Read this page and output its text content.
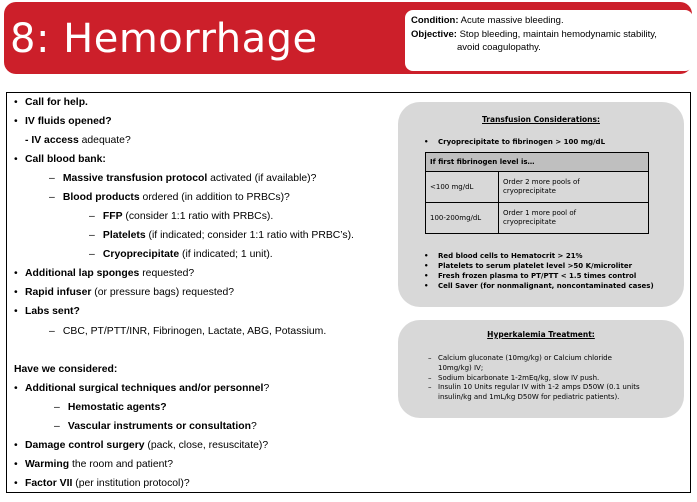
8: Hemorrhage	Condition: Acute massive bleeding.
Objective: Stop bleeding, maintain hemodynamic stability,
avoid coagulopathy.
• Call for help.
• IV fluids opened?
- IV access adequate?
• Call blood bank:
– Massive transfusion protocol activated (if available)?
– Blood products ordered (in addition to PRBCs)?
– FFP (consider 1:1 ratio with PRBCs).
– Platelets (if indicated; consider 1:1 ratio with PRBC’s).
– Cryoprecipitate (if indicated; 1 unit).
• Additional lap sponges requested?
• Rapid infuser (or pressure bags) requested?
• Labs sent?
– CBC, PT/PTT/INR, Fibrinogen, Lactate, ABG, Potassium.
Have we considered:
• Additional surgical techniques and/or personnel?
– Hemostatic agents?
– Vascular instruments or consultation?
• Damage control surgery (pack, close, resuscitate)?
• Warming the room and patient?
• Factor VII (per institution protocol)?
Transfusion Considerations:
• Cryoprecipitate to fibrinogen > 100 mg/dL
If first fibrinogen level is…	
<100 mg/dL	Order 2 more pools of
cryoprecipitate

100-200mg/dL	Order 1 more pool of
cryoprecipitate
• Red blood cells to Hematocrit > 21%
• Platelets to serum platelet level >50 K/microliter
• Fresh frozen plasma to PT/PTT < 1.5 times control
• Cell Saver (for nonmalignant, noncontaminated cases)
Hyperkalemia Treatment:
– Calcium gluconate (10mg/kg) or Calcium chloride
10mg/kg) IV;
– Sodium bicarbonate 1-2mEq/kg, slow IV push.
– Insulin 10 Units regular IV with 1-2 amps D50W (0.1 units
insulin/kg and 1mL/kg D50W for pediatric patients).
